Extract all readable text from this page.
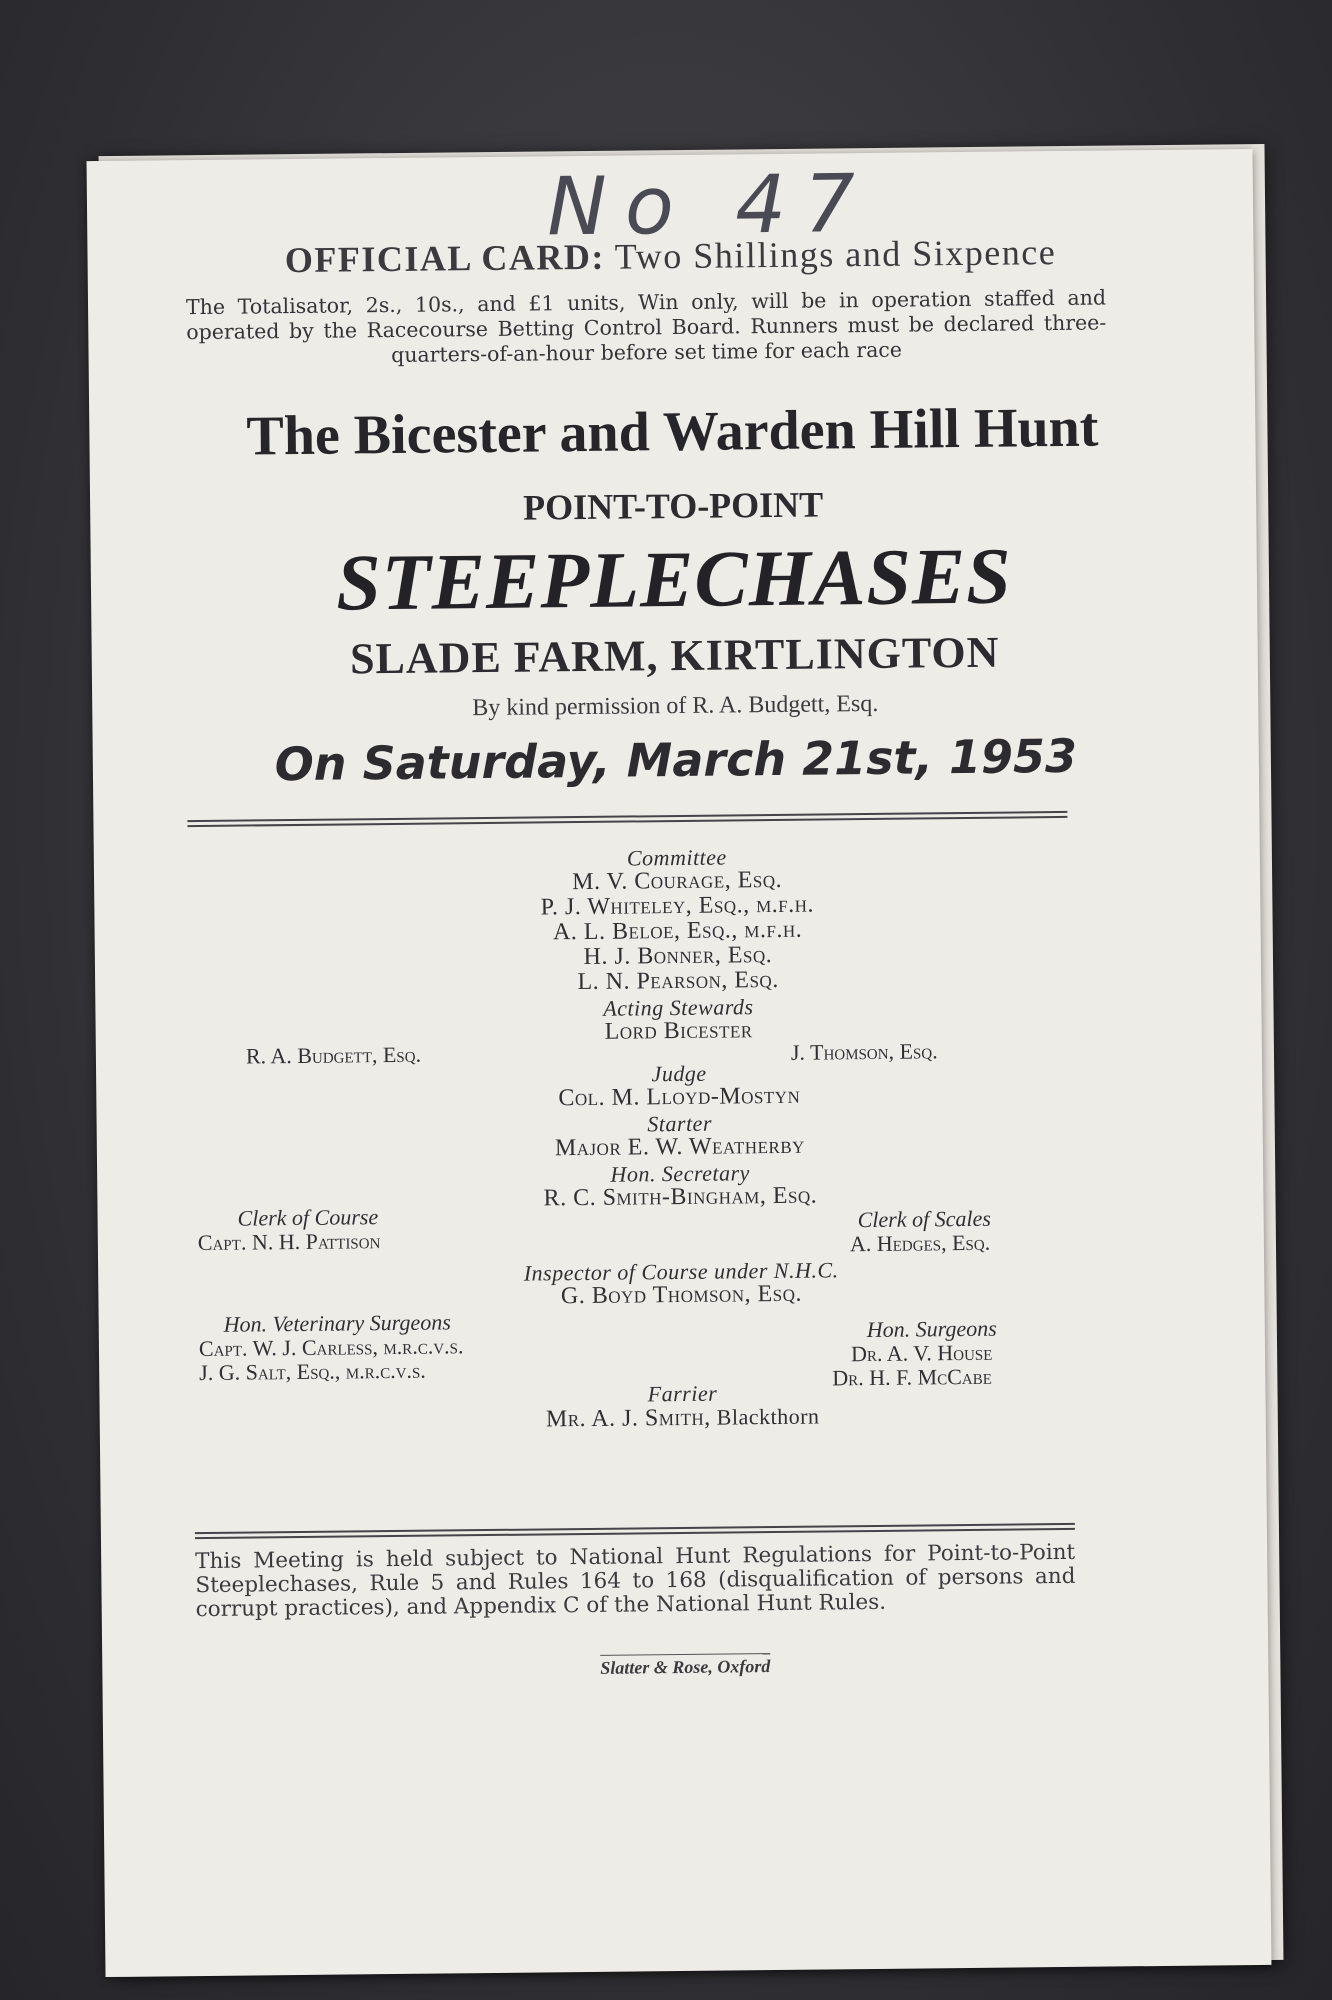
No 47
OFFICIAL CARD: Two Shillings and Sixpence
The Totalisator, 2s., 10s., and £1 units, Win only, will be in operation staffed and operated by the Racecourse Betting Control Board. Runners must be declared three-quarters-of-an-hour before set time for each race
The Bicester and Warden Hill Hunt
POINT-TO-POINT
STEEPLECHASES
SLADE FARM, KIRTLINGTON
By kind permission of R. A. Budgett, Esq.
On Saturday, March 21st, 1953
Committee
M. V. Courage, Esq.
P. J. Whiteley, Esq., m.f.h.
A. L. Beloe, Esq., m.f.h.
H. J. Bonner, Esq.
L. N. Pearson, Esq.
Acting Stewards
Lord Bicester
R. A. Budgett, Esq.	J. Thomson, Esq.
Judge
Col. M. Lloyd-Mostyn
Starter
Major E. W. Weatherby
Hon. Secretary
R. C. Smith-Bingham, Esq.
Clerk of Course
Capt. N. H. Pattison
Clerk of Scales
A. Hedges, Esq.
Inspector of Course under N.H.C.
G. Boyd Thomson, Esq.
Hon. Veterinary Surgeons
Capt. W. J. Carless, m.r.c.v.s.
J. G. Salt, Esq., m.r.c.v.s.
Hon. Surgeons
Dr. A. V. House
Dr. H. F. McCabe
Farrier
Mr. A. J. Smith, Blackthorn
This Meeting is held subject to National Hunt Regulations for Point-to-Point Steeplechases, Rule 5 and Rules 164 to 168 (disqualification of persons and corrupt practices), and Appendix C of the National Hunt Rules.
Slatter & Rose, Oxford
